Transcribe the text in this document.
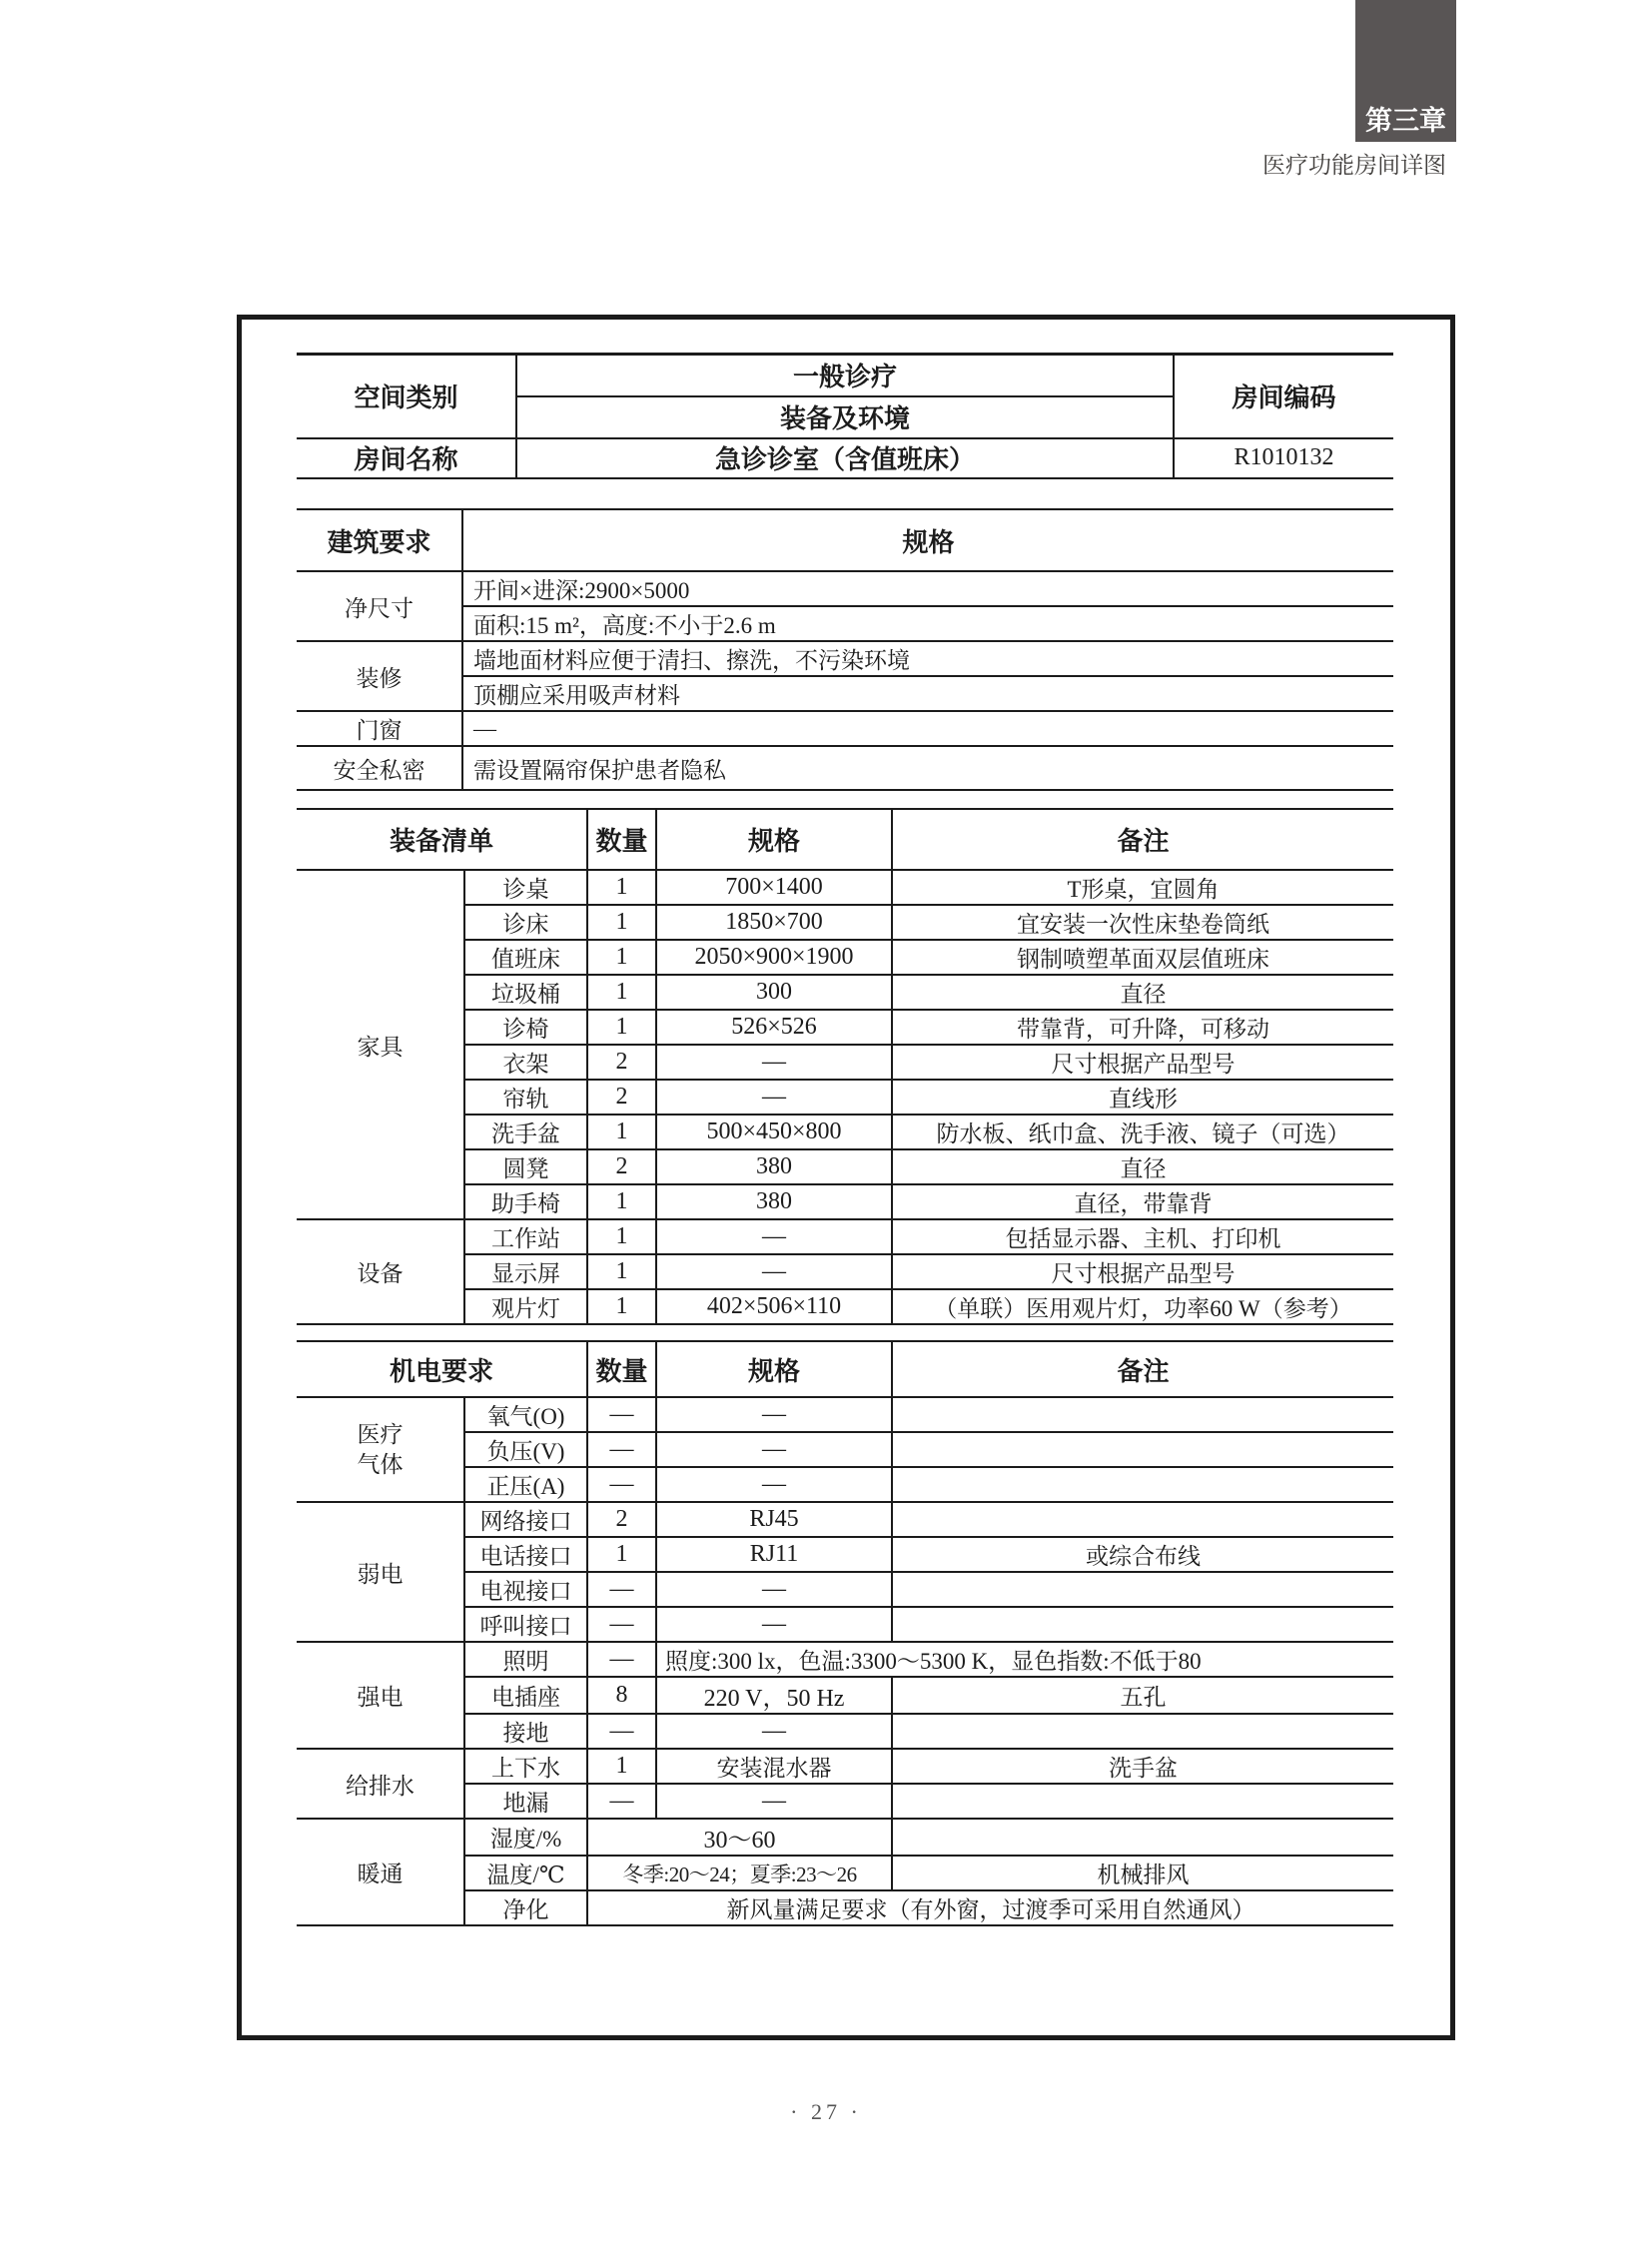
第三章
医疗功能房间详图
空间类别	一般诊疗	房间编码
	装备及环境	
房间名称	急诊诊室（含值班床）	R1010132
建筑要求	规格
净尺寸	开间×进深:2900×5000
	面积:15 m²，高度:不小于2.6 m
装修	墙地面材料应便于清扫、擦洗，不污染环境
	顶棚应采用吸声材料
门窗	—
安全私密	需设置隔帘保护患者隐私
装备清单		数量	规格	备注
家具	诊桌	1	700×1400	T形桌，宜圆角
	诊床	1	1850×700	宜安装一次性床垫卷筒纸
	值班床	1	2050×900×1900	钢制喷塑革面双层值班床
	垃圾桶	1	300	直径
	诊椅	1	526×526	带靠背，可升降，可移动
	衣架	2	—	尺寸根据产品型号
	帘轨	2	—	直线形
	洗手盆	1	500×450×800	防水板、纸巾盒、洗手液、镜子（可选）
	圆凳	2	380	直径
	助手椅	1	380	直径，带靠背
设备	工作站	1	—	包括显示器、主机、打印机
	显示屏	1	—	尺寸根据产品型号
	观片灯	1	402×506×110	（单联）医用观片灯，功率60 W（参考）
机电要求		数量	规格	备注
医疗气体	氧气(O)	—	—	
	负压(V)	—	—	
	正压(A)	—	—	
弱电	网络接口	2	RJ45	
	电话接口	1	RJ11	或综合布线
	电视接口	—	—	
	呼叫接口	—	—	
强电	照明	—	照度:300 lx，色温:3300～5300 K，显色指数:不低于80	
	电插座	8	220 V，50 Hz	五孔
	接地	—	—	
给排水	上下水	1	安装混水器	洗手盆
	地漏	—	—	
暖通	湿度/%	30～60		
	温度/℃	冬季:20～24；夏季:23～26		机械排风
	净化	新风量满足要求（有外窗，过渡季可采用自然通风）		
· 27 ·
